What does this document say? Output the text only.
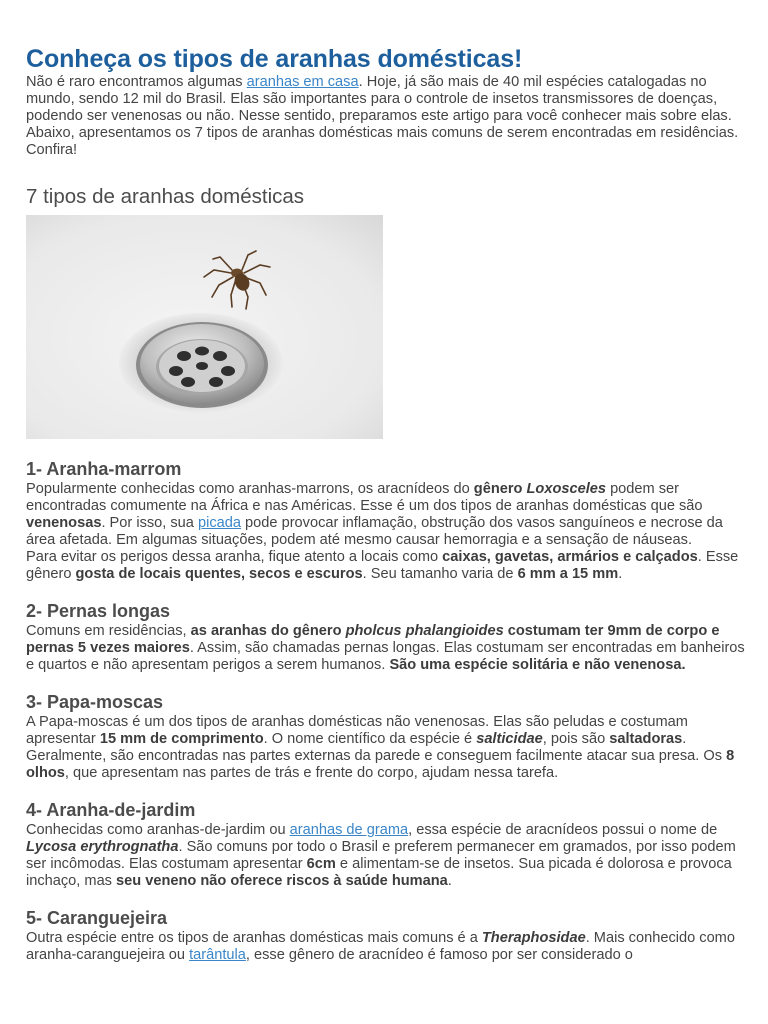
Conheça os tipos de aranhas domésticas!

Não é raro encontramos algumas aranhas em casa. Hoje, já são mais de 40 mil espécies catalogadas no mundo, sendo 12 mil do Brasil. Elas são importantes para o controle de insetos transmissores de doenças, podendo ser venenosas ou não. Nesse sentido, preparamos este artigo para você conhecer mais sobre elas. Abaixo, apresentamos os 7 tipos de aranhas domésticas mais comuns de serem encontradas em residências. Confira!

7 tipos de aranhas domésticas
1- Aranha-marrom

Popularmente conhecidas como aranhas-marrons, os aracnídeos do gênero Loxosceles podem ser encontradas comumente na África e nas Américas. Esse é um dos tipos de aranhas domésticas que são venenosas. Por isso, sua picada pode provocar inflamação, obstrução dos vasos sanguíneos e necrose da área afetada. Em algumas situações, podem até mesmo causar hemorragia e a sensação de náuseas.

Para evitar os perigos dessa aranha, fique atento a locais como caixas, gavetas, armários e calçados. Esse gênero gosta de locais quentes, secos e escuros. Seu tamanho varia de 6 mm a 15 mm.

2- Pernas longas

Comuns em residências, as aranhas do gênero pholcus phalangioides costumam ter 9mm de corpo e pernas 5 vezes maiores. Assim, são chamadas pernas longas. Elas costumam ser encontradas em banheiros e quartos e não apresentam perigos a serem humanos. São uma espécie solitária e não venenosa.

3- Papa-moscas

A Papa-moscas é um dos tipos de aranhas domésticas não venenosas. Elas são peludas e costumam apresentar 15 mm de comprimento. O nome científico da espécie é salticidae, pois são saltadoras. Geralmente, são encontradas nas partes externas da parede e conseguem facilmente atacar sua presa. Os 8 olhos, que apresentam nas partes de trás e frente do corpo, ajudam nessa tarefa.

4- Aranha-de-jardim

Conhecidas como aranhas-de-jardim ou aranhas de grama, essa espécie de aracnídeos possui o nome de Lycosa erythrognatha. São comuns por todo o Brasil e preferem permanecer em gramados, por isso podem ser incômodas. Elas costumam apresentar 6cm e alimentam-se de insetos. Sua picada é dolorosa e provoca inchaço, mas seu veneno não oferece riscos à saúde humana.

5- Caranguejeira

Outra espécie entre os tipos de aranhas domésticas mais comuns é a Theraphosidae. Mais conhecido como aranha-caranguejeira ou tarântula, esse gênero de aracnídeo é famoso por ser considerado o
